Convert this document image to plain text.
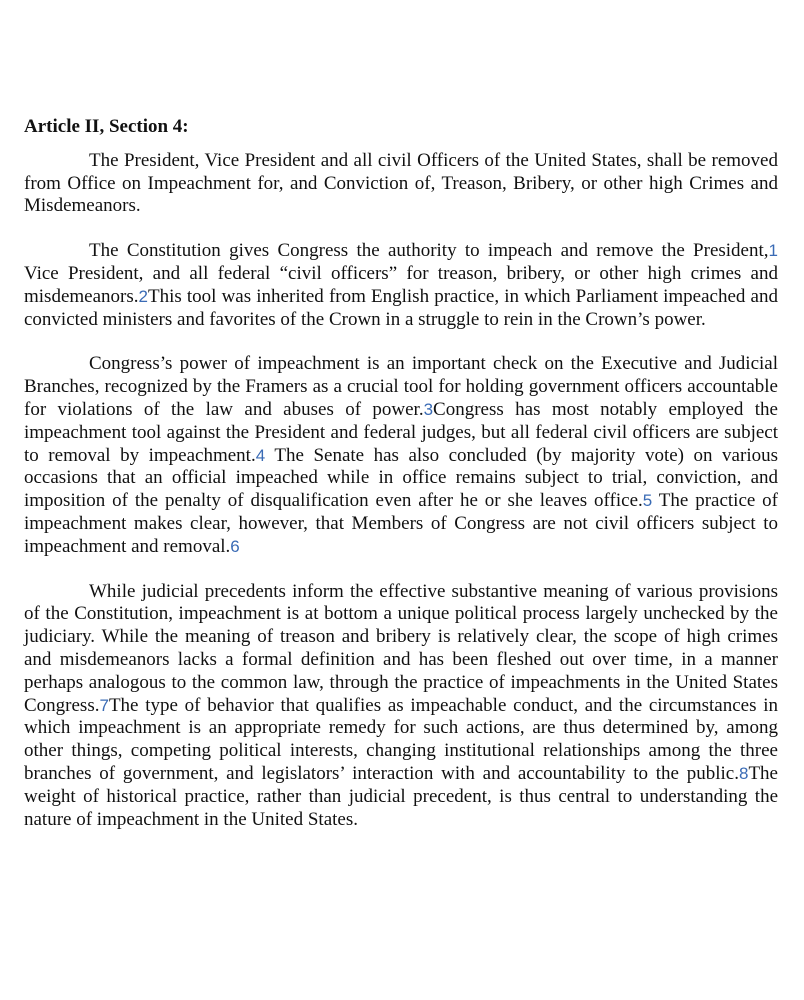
Article II, Section 4:

The President, Vice President and all civil Officers of the United States, shall be removed from Office on Impeachment for, and Conviction of, Treason, Bribery, or other high Crimes and Misdemeanors.

The Constitution gives Congress the authority to impeach and remove the President,1 Vice President, and all federal “civil officers” for treason, bribery, or other high crimes and misdemeanors.2This tool was inherited from English practice, in which Parliament impeached and convicted ministers and favorites of the Crown in a struggle to rein in the Crown’s power.

Congress’s power of impeachment is an important check on the Executive and Judicial Branches, recognized by the Framers as a crucial tool for holding government officers accountable for violations of the law and abuses of power.3Congress has most notably employed the impeachment tool against the President and federal judges, but all federal civil officers are subject to removal by impeachment.4 The Senate has also concluded (by majority vote) on various occasions that an official impeached while in office remains subject to trial, conviction, and imposition of the penalty of disqualification even after he or she leaves office.5 The practice of impeachment makes clear, however, that Members of Congress are not civil officers subject to impeachment and removal.6

While judicial precedents inform the effective substantive meaning of various provisions of the Constitution, impeachment is at bottom a unique political process largely unchecked by the judiciary. While the meaning of treason and bribery is relatively clear, the scope of high crimes and misdemeanors lacks a formal definition and has been fleshed out over time, in a manner perhaps analogous to the common law, through the practice of impeachments in the United States Congress.7The type of behavior that qualifies as impeachable conduct, and the circumstances in which impeachment is an appropriate remedy for such actions, are thus determined by, among other things, competing political interests, changing institutional relationships among the three branches of government, and legislators’ interaction with and accountability to the public.8The weight of historical practice, rather than judicial precedent, is thus central to understanding the nature of impeachment in the United States.
